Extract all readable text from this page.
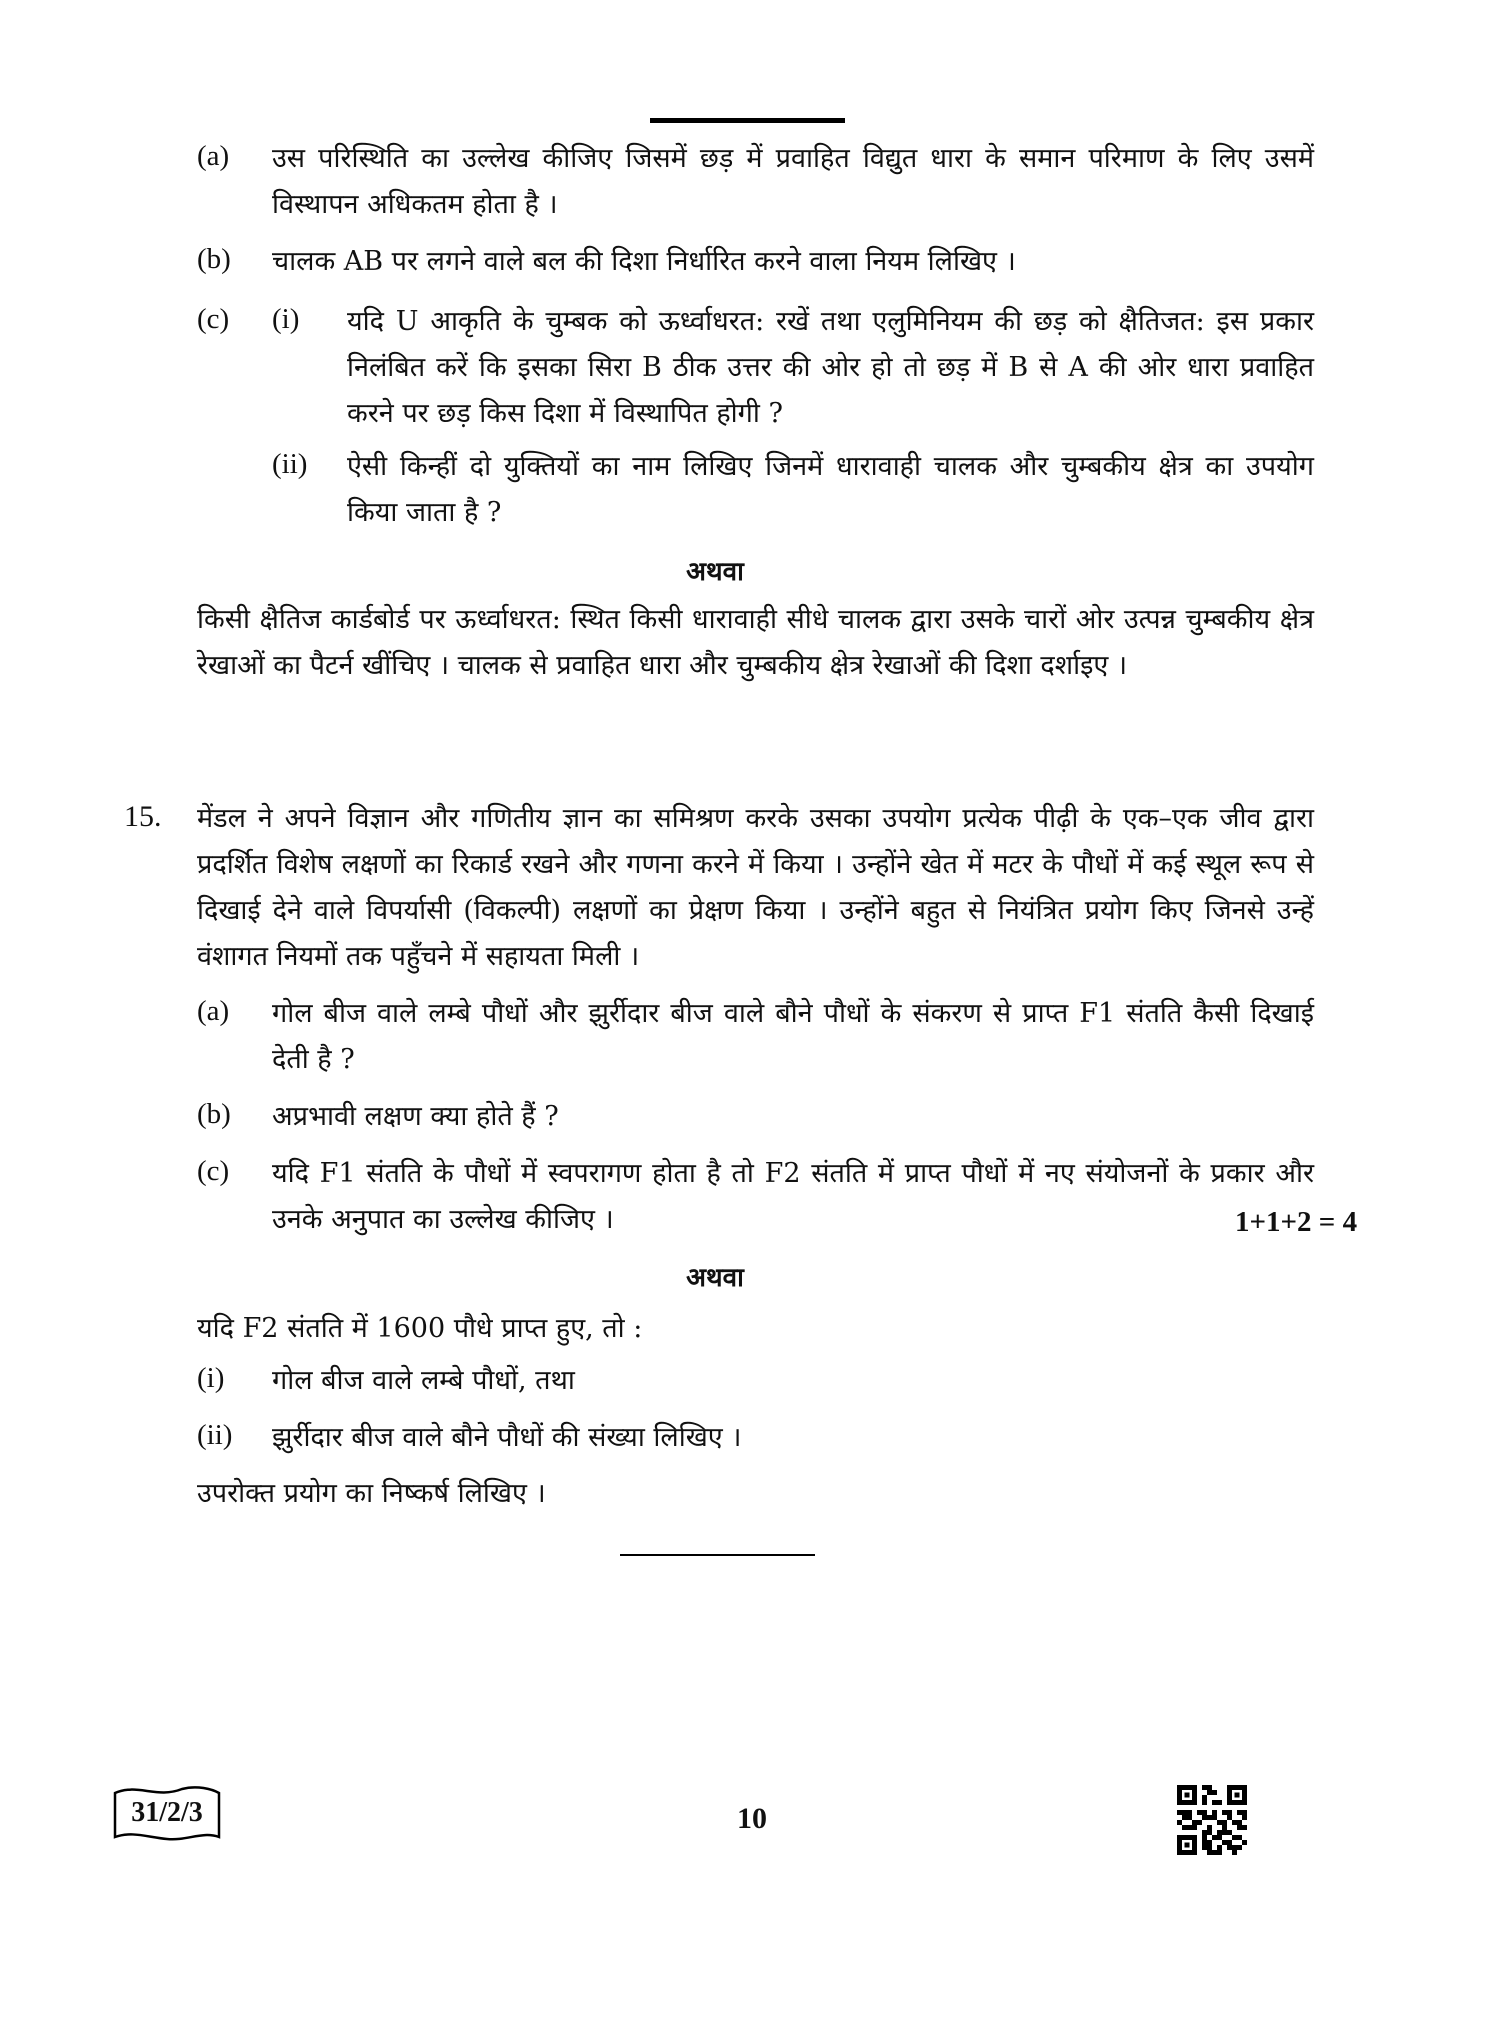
(a) उस परिस्थिति का उल्लेख कीजिए जिसमें छड़ में प्रवाहित विद्युत धारा के समान परिमाण के लिए उसमें विस्थापन अधिकतम होता है ।
(b) चालक AB पर लगने वाले बल की दिशा निर्धारित करने वाला नियम लिखिए ।
(c) (i) यदि U आकृति के चुम्बक को ऊर्ध्वाधरत: रखें तथा एलुमिनियम की छड़ को क्षैतिजत: इस प्रकार निलंबित करें कि इसका सिरा B ठीक उत्तर की ओर हो तो छड़ में B से A की ओर धारा प्रवाहित करने पर छड़ किस दिशा में विस्थापित होगी ?
(ii) ऐसी किन्हीं दो युक्तियों का नाम लिखिए जिनमें धारावाही चालक और चुम्बकीय क्षेत्र का उपयोग किया जाता है ?
अथवा
किसी क्षैतिज कार्डबोर्ड पर ऊर्ध्वाधरत: स्थित किसी धारावाही सीधे चालक द्वारा उसके चारों ओर उत्पन्न चुम्बकीय क्षेत्र रेखाओं का पैटर्न खींचिए । चालक से प्रवाहित धारा और चुम्बकीय क्षेत्र रेखाओं की दिशा दर्शाइए ।
15. मेंडल ने अपने विज्ञान और गणितीय ज्ञान का समिश्रण करके उसका उपयोग प्रत्येक पीढ़ी के एक–एक जीव द्वारा प्रदर्शित विशेष लक्षणों का रिकार्ड रखने और गणना करने में किया । उन्होंने खेत में मटर के पौधों में कई स्थूल रूप से दिखाई देने वाले विपर्यासी (विकल्पी) लक्षणों का प्रेक्षण किया । उन्होंने बहुत से नियंत्रित प्रयोग किए जिनसे उन्हें वंशागत नियमों तक पहुँचने में सहायता मिली ।
(a) गोल बीज वाले लम्बे पौधों और झुर्रीदार बीज वाले बौने पौधों के संकरण से प्राप्त F1 संतति कैसी दिखाई देती है ?
(b) अप्रभावी लक्षण क्या होते हैं ?
(c) यदि F1 संतति के पौधों में स्वपरागण होता है तो F2 संतति में प्राप्त पौधों में नए संयोजनों के प्रकार और उनके अनुपात का उल्लेख कीजिए ।	1+1+2 = 4
अथवा
यदि F2 संतति में 1600 पौधे प्राप्त हुए, तो :
(i) गोल बीज वाले लम्बे पौधों, तथा
(ii) झुर्रीदार बीज वाले बौने पौधों की संख्या लिखिए ।
उपरोक्त प्रयोग का निष्कर्ष लिखिए ।
31/2/3	10
